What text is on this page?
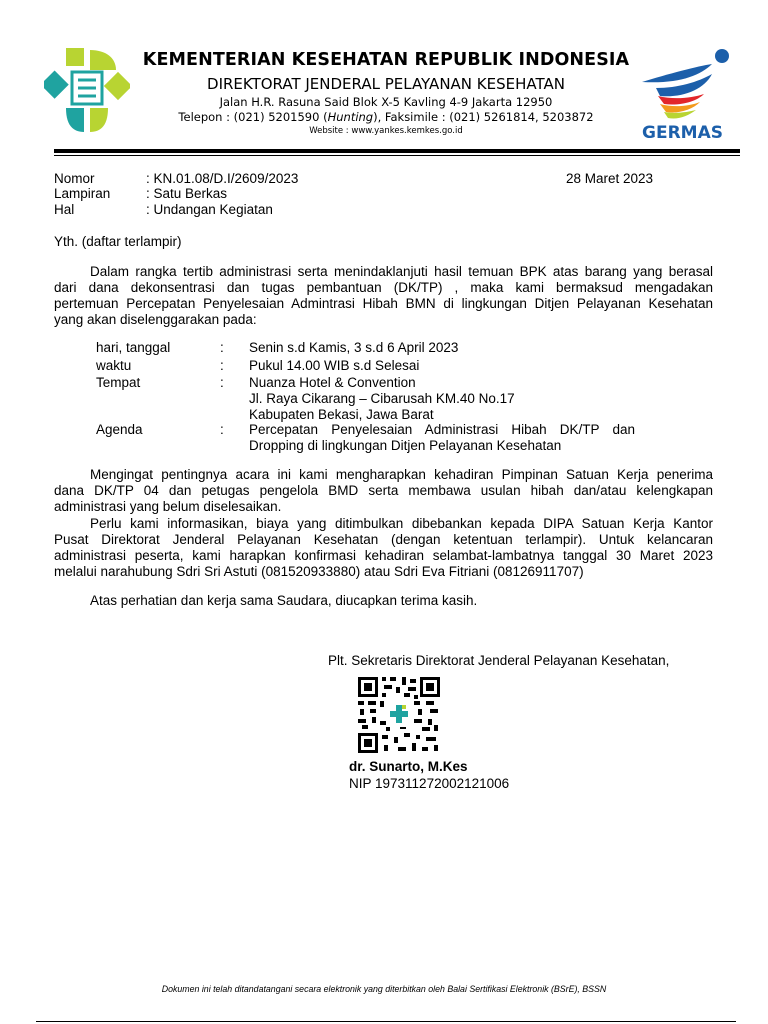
KEMENTERIAN KESEHATAN REPUBLIK INDONESIA
DIREKTORAT JENDERAL PELAYANAN KESEHATAN
Jalan H.R. Rasuna Said Blok X-5 Kavling 4-9 Jakarta 12950
Telepon : (021) 5201590 (Hunting), Faksimile : (021) 5261814, 5203872
Website : www.yankes.kemkes.go.id	GERMAS
Nomor	: KN.01.08/D.I/2609/2023	28 Maret 2023
Lampiran	: Satu Berkas
Hal	: Undangan Kegiatan
Yth. (daftar terlampir)
Dalam rangka tertib administrasi serta menindaklanjuti hasil temuan BPK atas barang yang berasal
dari dana dekonsentrasi dan tugas pembantuan (DK/TP) , maka kami bermaksud mengadakan
pertemuan Percepatan Penyelesaian Admintrasi Hibah BMN di lingkungan Ditjen Pelayanan Kesehatan
yang akan diselenggarakan pada:
hari, tanggal	: Senin s.d Kamis, 3 s.d 6 April 2023
waktu	: Pukul 14.00 WIB s.d Selesai
Tempat	: Nuanza Hotel & Convention
Jl. Raya Cikarang – Cibarusah KM.40 No.17
Kabupaten Bekasi, Jawa Barat
Agenda	: Percepatan Penyelesaian Administrasi Hibah DK/TP dan
Dropping di lingkungan Ditjen Pelayanan Kesehatan
Mengingat pentingnya acara ini kami mengharapkan kehadiran Pimpinan Satuan Kerja penerima
dana DK/TP 04 dan petugas pengelola BMD serta membawa usulan hibah dan/atau kelengkapan
administrasi yang belum diselesaikan.
Perlu kami informasikan, biaya yang ditimbulkan dibebankan kepada DIPA Satuan Kerja Kantor
Pusat Direktorat Jenderal Pelayanan Kesehatan (dengan ketentuan terlampir). Untuk kelancaran
administrasi peserta, kami harapkan konfirmasi kehadiran selambat-lambatnya tanggal 30 Maret 2023
melalui narahubung Sdri Sri Astuti (081520933880) atau Sdri Eva Fitriani (08126911707)
Atas perhatian dan kerja sama Saudara, diucapkan terima kasih.
Plt. Sekretaris Direktorat Jenderal Pelayanan Kesehatan,
dr. Sunarto, M.Kes
NIP 197311272002121006
Dokumen ini telah ditandatangani secara elektronik yang diterbitkan oleh Balai Sertifikasi Elektronik (BSrE), BSSN
